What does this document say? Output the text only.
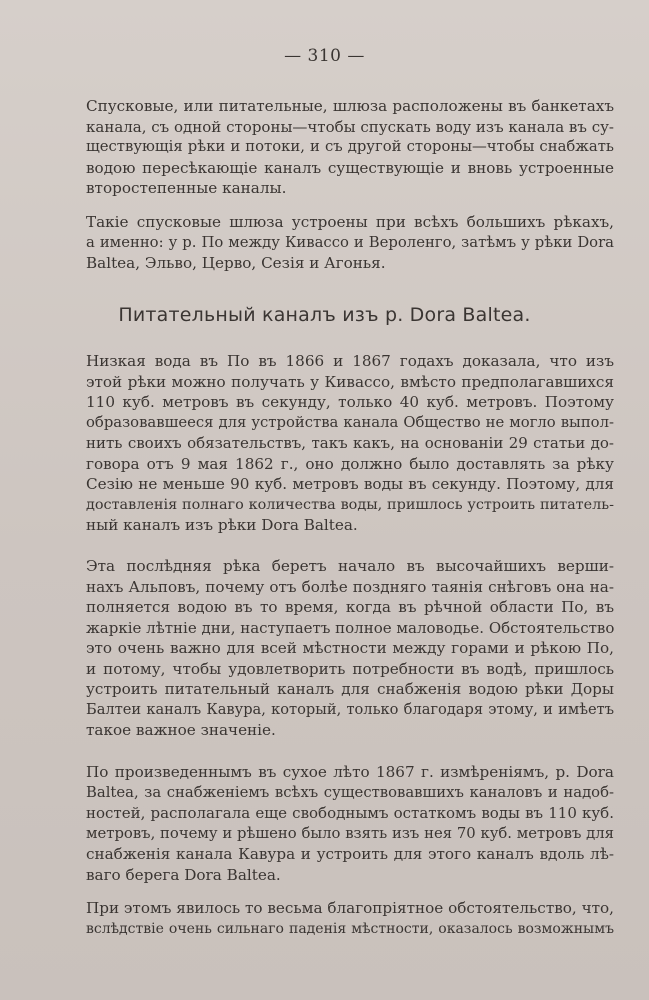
— 310 —
Спусковые, или питательные, шлюза расположены въ банкетахъ
канала, съ одной стороны—чтобы спускать воду изъ канала въ су-
ществующія рѣки и потоки, и съ другой стороны—чтобы снабжать
водою пересѣкающіе каналъ существующіе и вновь устроенные
второстепенные каналы.
Такіе спусковые шлюза устроены при всѣхъ большихъ рѣкахъ,
а именно: у р. По между Кивассо и Вероленго, затѣмъ у рѣки Dora
Baltea, Эльво, Церво, Сезія и Агонья.
Питательный каналъ изъ р. Dora Baltea.
Низкая вода въ По въ 1866 и 1867 годахъ доказала, что изъ
этой рѣки можно получать у Кивассо, вмѣсто предполагавшихся
110 куб. метровъ въ секунду, только 40 куб. метровъ. Поэтому
образовавшееся для устройства канала Общество не могло выпол-
нить своихъ обязательствъ, такъ какъ, на основаніи 29 статьи до-
говора отъ 9 мая 1862 г., оно должно было доставлять за рѣку
Сезію не меньше 90 куб. метровъ воды въ секунду. Поэтому, для
доставленія полнаго количества воды, пришлось устроить питатель-
ный каналъ изъ рѣки Dora Baltea.
Эта послѣдняя рѣка беретъ начало въ высочайшихъ верши-
нахъ Альповъ, почему отъ болѣе поздняго таянія снѣговъ она на-
полняется водою въ то время, когда въ рѣчной области По, въ
жаркіе лѣтніе дни, наступаетъ полное маловодье. Обстоятельство
это очень важно для всей мѣстности между горами и рѣкою По,
и потому, чтобы удовлетворить потребности въ водѣ, пришлось
устроить питательный каналъ для снабженія водою рѣки Доры
Балтеи каналъ Кавура, который, только благодаря этому, и имѣетъ
такое важное значеніе.
По произведеннымъ въ сухое лѣто 1867 г. измѣреніямъ, р. Dora
Baltea, за снабженіемъ всѣхъ существовавшихъ каналовъ и надоб-
ностей, располагала еще свободнымъ остаткомъ воды въ 110 куб.
метровъ, почему и рѣшено было взять изъ нея 70 куб. метровъ для
снабженія канала Кавура и устроить для этого каналъ вдоль лѣ-
ваго берега Dora Baltea.
При этомъ явилось то весьма благопріятное обстоятельство, что,
вслѣдствіе очень сильнаго паденія мѣстности, оказалось возможнымъ
